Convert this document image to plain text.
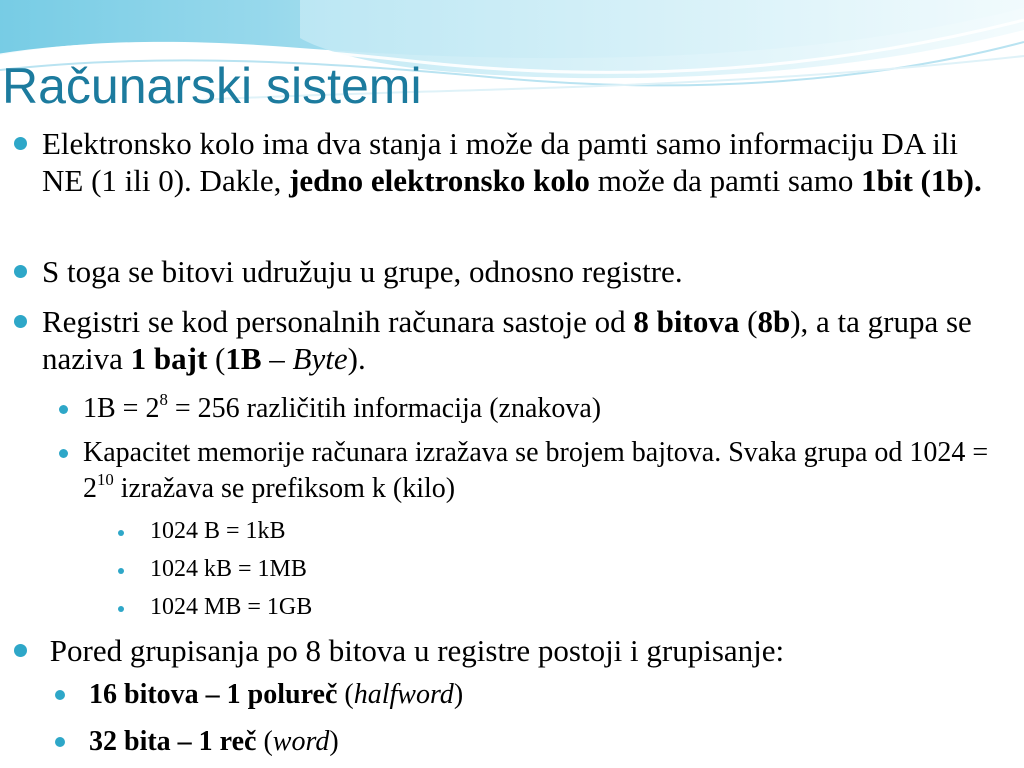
Računarski sistemi
Elektronsko kolo ima dva stanja i može da pamti samo informaciju DA ili NE (1 ili 0). Dakle, jedno elektronsko kolo može da pamti samo 1bit (1b).
S toga se bitovi udružuju u grupe, odnosno registre.
Registri se kod personalnih računara sastoje od 8 bitova (8b), a ta grupa se naziva 1 bajt (1B – Byte).
$1B = 2^8 = 256$ različitih informacija (znakova)
Kapacitet memorije računara izražava se brojem bajtova. Svaka grupa od $1024 = 2^{10}$ izražava se prefiksom k (kilo)
1024 B = 1kB
1024 kB = 1MB
1024 MB = 1GB
Pored grupisanja po 8 bitova u registre postoji i grupisanje:
16 bitova – 1 polureč (halfword)
32 bita – 1 reč (word)
